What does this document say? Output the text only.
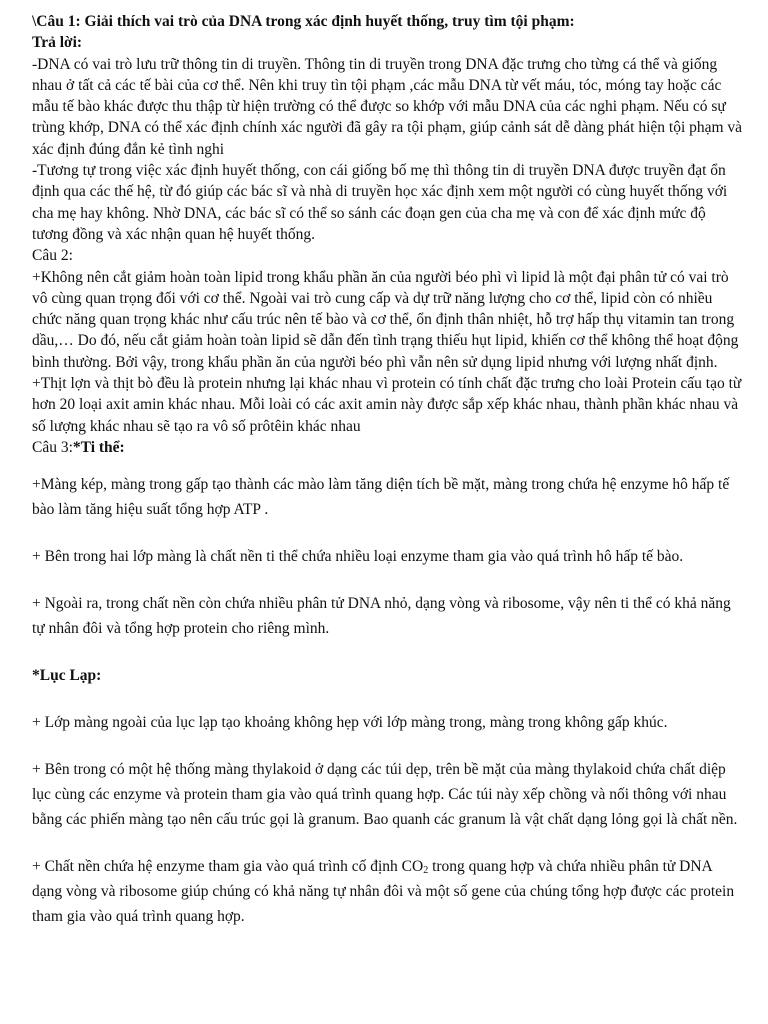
\Câu 1: Giải thích vai trò của DNA trong xác định huyết thống, truy tìm tội phạm:

Trả lời:

-DNA có vai trò lưu trữ thông tin di truyền. Thông tin di truyền trong DNA đặc trưng cho từng cá thể và giống nhau ở tất cả các tế bài của cơ thể. Nên khi truy tìn tội phạm ,các mẫu DNA từ vết máu, tóc, móng tay hoặc các mẫu tế bào khác được thu thập từ hiện trường có thể được so khớp với mẫu DNA của các nghi phạm. Nếu có sự trùng khớp, DNA có thể xác định chính xác người đã gây ra tội phạm, giúp cảnh sát dễ dàng phát hiện tội phạm và xác định đúng đắn kẻ tình nghi

-Tương tự trong việc xác định huyết thống, con cái giống bố mẹ thì thông tin di truyền DNA được truyền đạt ổn định qua các thế hệ, từ đó giúp các bác sĩ và nhà di truyền học xác định xem một người có cùng huyết thống với cha mẹ hay không. Nhờ DNA, các bác sĩ có thể so sánh các đoạn gen của cha mẹ và con để xác định mức độ tương đồng và xác nhận quan hệ huyết thống.

Câu 2:

+Không nên cắt giảm hoàn toàn lipid trong khẩu phần ăn của người béo phì vì lipid là một đại phân tử có vai trò vô cùng quan trọng đối với cơ thể. Ngoài vai trò cung cấp và dự trữ năng lượng cho cơ thể, lipid còn có nhiều chức năng quan trọng khác như cấu trúc nên tế bào và cơ thể, ổn định thân nhiệt, hỗ trợ hấp thụ vitamin tan trong dầu,… Do đó, nếu cắt giảm hoàn toàn lipid sẽ dẫn đến tình trạng thiếu hụt lipid, khiến cơ thể không thể hoạt động bình thường. Bởi vậy, trong khẩu phần ăn của người béo phì vẫn nên sử dụng lipid nhưng với lượng nhất định.

+Thịt lợn và thịt bò đều là protein nhưng lại khác nhau vì protein có tính chất đặc trưng cho loài Protein cấu tạo từ hơn 20 loại axit amin khác nhau. Mỗi loài có các axit amin này được sắp xếp khác nhau, thành phần khác nhau và số lượng khác nhau sẽ tạo ra vô số prôtêin khác nhau

Câu 3:*Ti thể:

+Màng kép, màng trong gấp tạo thành các mào làm tăng diện tích bề mặt, màng trong chứa hệ enzyme hô hấp tế bào làm tăng hiệu suất tổng hợp ATP .

+ Bên trong hai lớp màng là chất nền ti thể chứa nhiều loại enzyme tham gia vào quá trình hô hấp tế bào.

+ Ngoài ra, trong chất nền còn chứa nhiều phân tử DNA nhỏ, dạng vòng và ribosome, vậy nên ti thể có khả năng tự nhân đôi và tổng hợp protein cho riêng mình.

*Lục Lạp:

+ Lớp màng ngoài của lục lạp tạo khoảng không hẹp với lớp màng trong, màng trong không gấp khúc.

+ Bên trong có một hệ thống màng thylakoid ở dạng các túi dẹp, trên bề mặt của màng thylakoid chứa chất diệp lục cùng các enzyme và protein tham gia vào quá trình quang hợp. Các túi này xếp chồng và nối thông với nhau bằng các phiến màng tạo nên cấu trúc gọi là granum. Bao quanh các granum là vật chất dạng lỏng gọi là chất nền.

+ Chất nền chứa hệ enzyme tham gia vào quá trình cố định $CO_2$ trong quang hợp và chứa nhiều phân tử DNA dạng vòng và ribosome giúp chúng có khả năng tự nhân đôi và một số gene của chúng tổng hợp được các protein tham gia vào quá trình quang hợp.
